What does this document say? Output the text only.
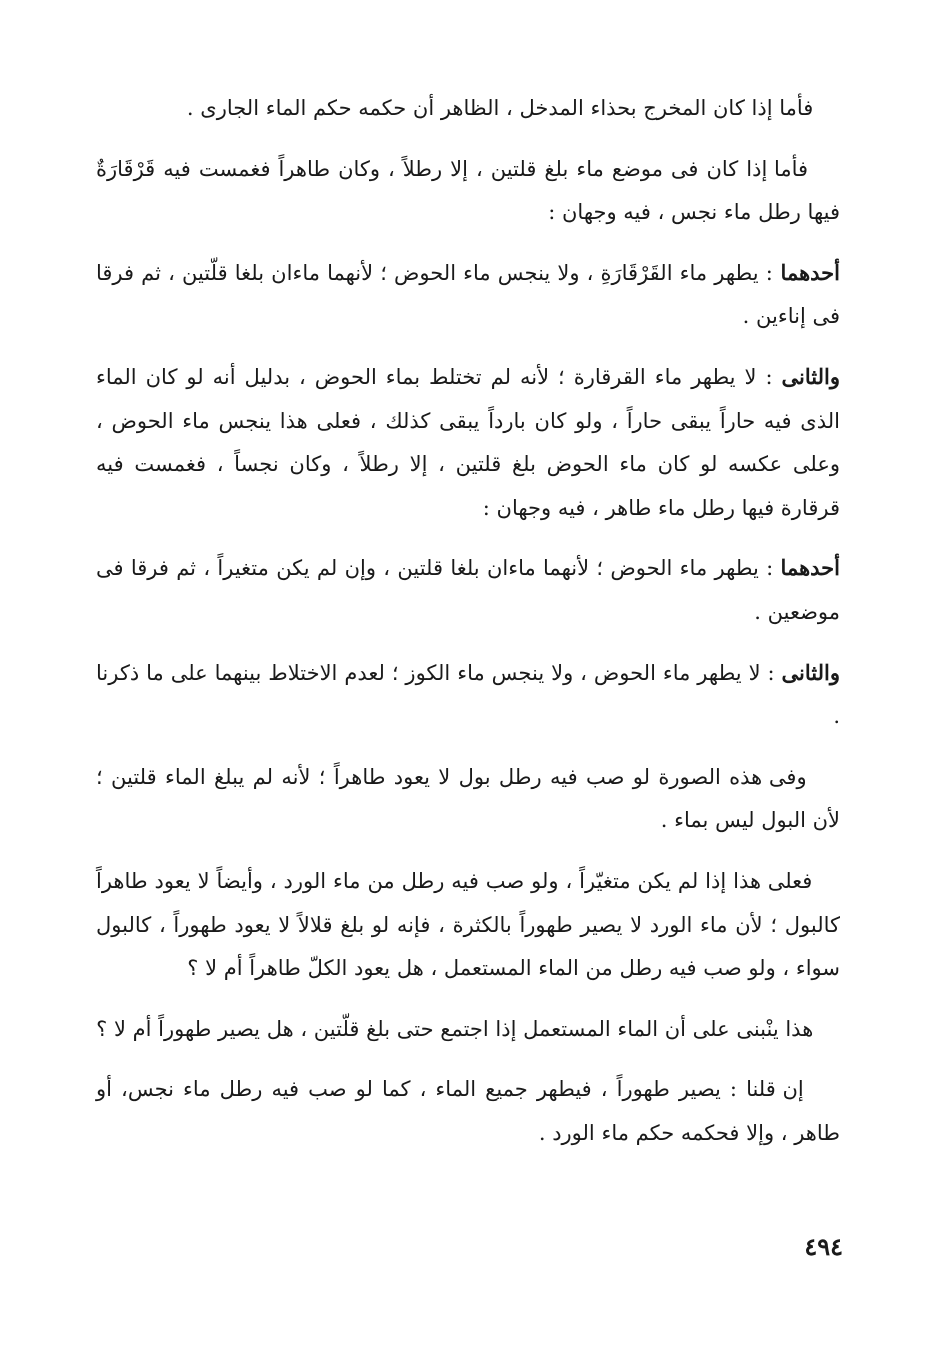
فأما إذا كان المخرج بحذاء المدخل ، الظاهر أن حكمه حكم الماء الجارى .

فأما إذا كان فى موضع ماء بلغ قلتين ، إلا رطلاً ، وكان طاهراً فغمست فيه قَرْقَارَةٌ فيها رطل ماء نجس ، فيه وجهان :

أحدهما: يطهر ماء القَرْقَارَةِ ، ولا ينجس ماء الحوض ؛ لأنهما ماءان بلغا قلّتين ، ثم فرقا فى إناءين .

والثانى : لا يطهر ماء القرقارة ؛ لأنه لم تختلط بماء الحوض ، بدليل أنه لو كان الماء الذى فيه حاراً يبقى حاراً ، ولو كان بارداً يبقى كذلك ، فعلى هذا ينجس ماء الحوض ، وعلى عكسه لو كان ماء الحوض بلغ قلتين ، إلا رطلاً ، وكان نجساً ، فغمست فيه قرقارة فيها رطل ماء طاهر ، فيه وجهان :

أحدهما : يطهر ماء الحوض ؛ لأنهما ماءان بلغا قلتين ، وإن لم يكن متغيراً ، ثم فرقا فى موضعين .

والثانى : لا يطهر ماء الحوض ، ولا ينجس ماء الكوز ؛ لعدم الاختلاط بينهما على ما ذكرنا .

وفى هذه الصورة لو صب فيه رطل بول لا يعود طاهراً ؛ لأنه لم يبلغ الماء قلتين ؛ لأن البول ليس بماء .

فعلى هذا إذا لم يكن متغيّراً ، ولو صب فيه رطل من ماء الورد ، وأيضاً لا يعود طاهراً كالبول ؛ لأن ماء الورد لا يصير طهوراً بالكثرة ، فإنه لو بلغ قلالاً لا يعود طهوراً ، كالبول سواء ، ولو صب فيه رطل من الماء المستعمل ، هل يعود الكلّ طاهراً أم لا ؟

هذا ينْبنى على أن الماء المستعمل إذا اجتمع حتى بلغ قلّتين ، هل يصير طهوراً أم لا ؟

إن قلنا : يصير طهوراً ، فيطهر جميع الماء ، كما لو صب فيه رطل ماء نجس، أو طاهر ، وإلا فحكمه حكم ماء الورد .

٤٩٤
